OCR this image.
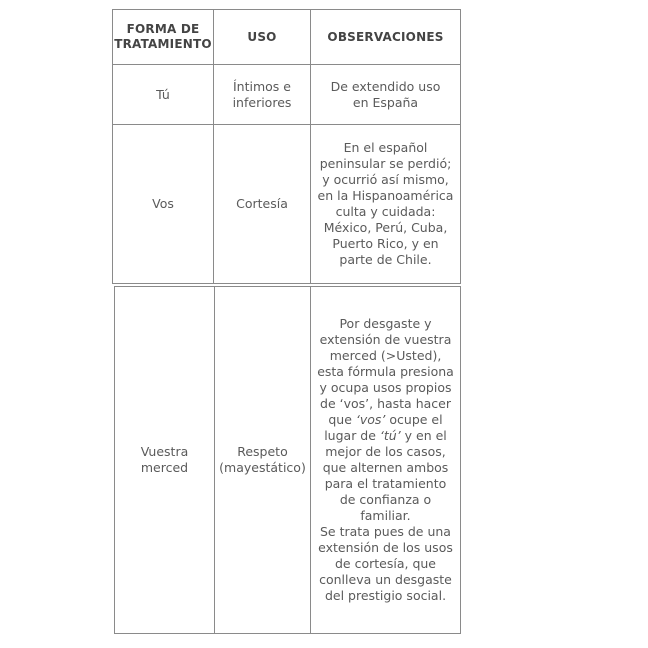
FORMA DE TRATAMIENTO
USO	OBSERVACIONES
Tú
Íntimos e inferiores
De extendido uso en España
Vos	Cortesía
En el español peninsular se perdió; y ocurrió así mismo, en la Hispanoamérica culta y cuidada: México, Perú, Cuba, Puerto Rico, y en parte de Chile.
Vuestra merced
Respeto (mayestático)
Por desgaste y extensión de vuestra merced (>Usted), esta fórmula presiona y ocupa usos propios de ‘vos’, hasta hacer que ‘vos’ ocupe el lugar de ‘tú’ y en el mejor de los casos, que alternen ambos para el tratamiento de confianza o familiar.
Se trata pues de una extensión de los usos de cortesía, que conlleva un desgaste del prestigio social.
